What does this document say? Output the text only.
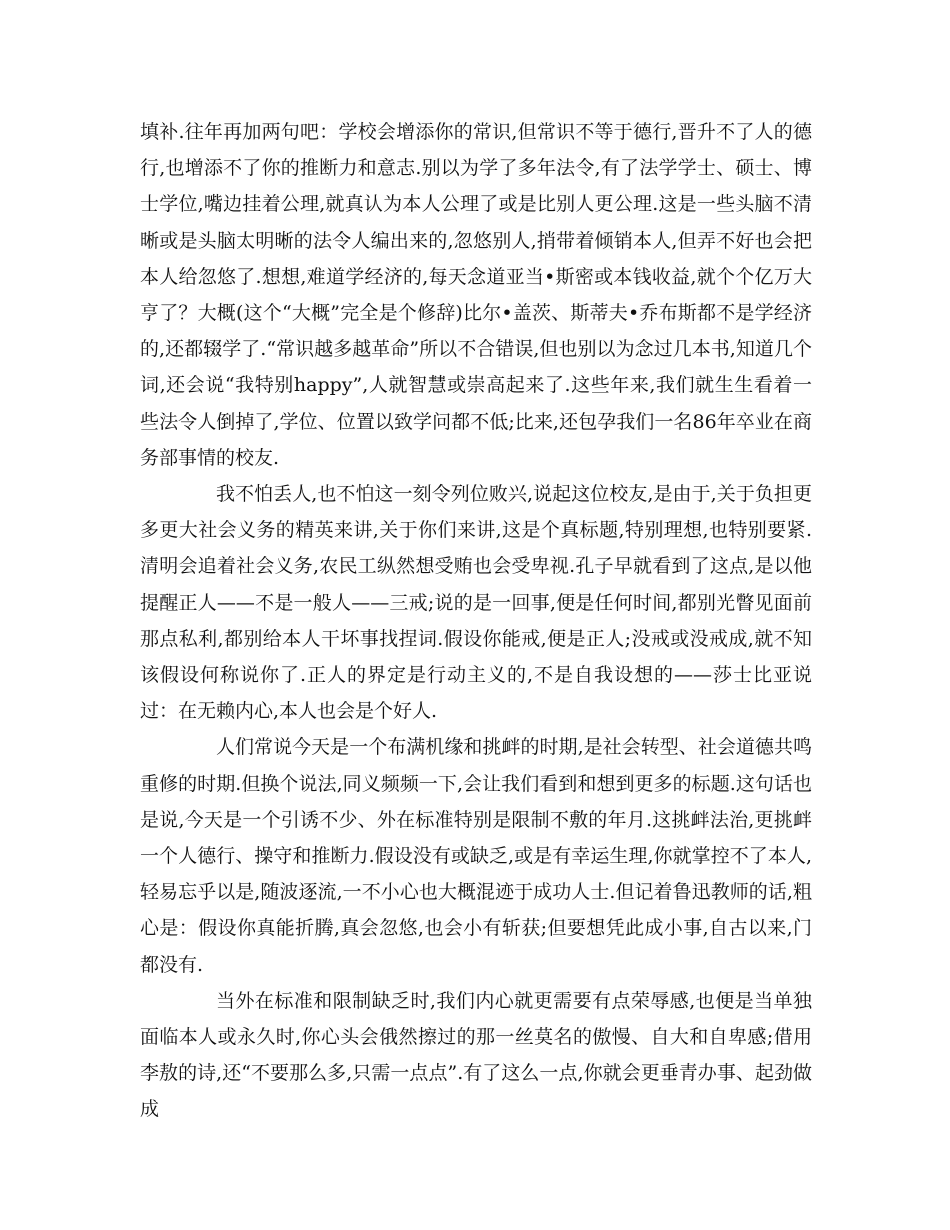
填补.往年再加两句吧：学校会增添你的常识,但常识不等于德行,晋升不了人的德行,也增添不了你的推断力和意志.别以为学了多年法令,有了法学学士、硕士、博士学位,嘴边挂着公理,就真认为本人公理了或是比别人更公理.这是一些头脑不清晰或是头脑太明晰的法令人编出来的,忽悠别人,捎带着倾销本人,但弄不好也会把本人给忽悠了.想想,难道学经济的,每天念道亚当•斯密或本钱收益,就个个亿万大亨了？大概(这个“大概”完全是个修辞)比尔•盖茨、斯蒂夫•乔布斯都不是学经济的,还都辍学了.“常识越多越革命”所以不合错误,但也别以为念过几本书,知道几个词,还会说“我特别happy”,人就智慧或崇高起来了.这些年来,我们就生生看着一些法令人倒掉了,学位、位置以致学问都不低;比来,还包孕我们一名86年卒业在商务部事情的校友.

我不怕丢人,也不怕这一刻令列位败兴,说起这位校友,是由于,关于负担更多更大社会义务的精英来讲,关于你们来讲,这是个真标题,特别理想,也特别要紧.清明会追着社会义务,农民工纵然想受贿也会受卑视.孔子早就看到了这点,是以他提醒正人——不是一般人——三戒;说的是一回事,便是任何时间,都别光瞥见面前那点私利,都别给本人干坏事找捏词.假设你能戒,便是正人;没戒或没戒成,就不知该假设何称说你了.正人的界定是行动主义的,不是自我设想的——莎士比亚说过：在无赖内心,本人也会是个好人.

人们常说今天是一个布满机缘和挑衅的时期,是社会转型、社会道德共鸣重修的时期.但换个说法,同义频频一下,会让我们看到和想到更多的标题.这句话也是说,今天是一个引诱不少、外在标准特别是限制不敷的年月.这挑衅法治,更挑衅一个人德行、操守和推断力.假设没有或缺乏,或是有幸运生理,你就掌控不了本人,轻易忘乎以是,随波逐流,一不小心也大概混迹于成功人士.但记着鲁迅教师的话,粗心是：假设你真能折腾,真会忽悠,也会小有斩获;但要想凭此成小事,自古以来,门都没有.

当外在标准和限制缺乏时,我们内心就更需要有点荣辱感,也便是当单独面临本人或永久时,你心头会俄然擦过的那一丝莫名的傲慢、自大和自卑感;借用李敖的诗,还“不要那么多,只需一点点”.有了这么一点,你就会更垂青办事、起劲做成
